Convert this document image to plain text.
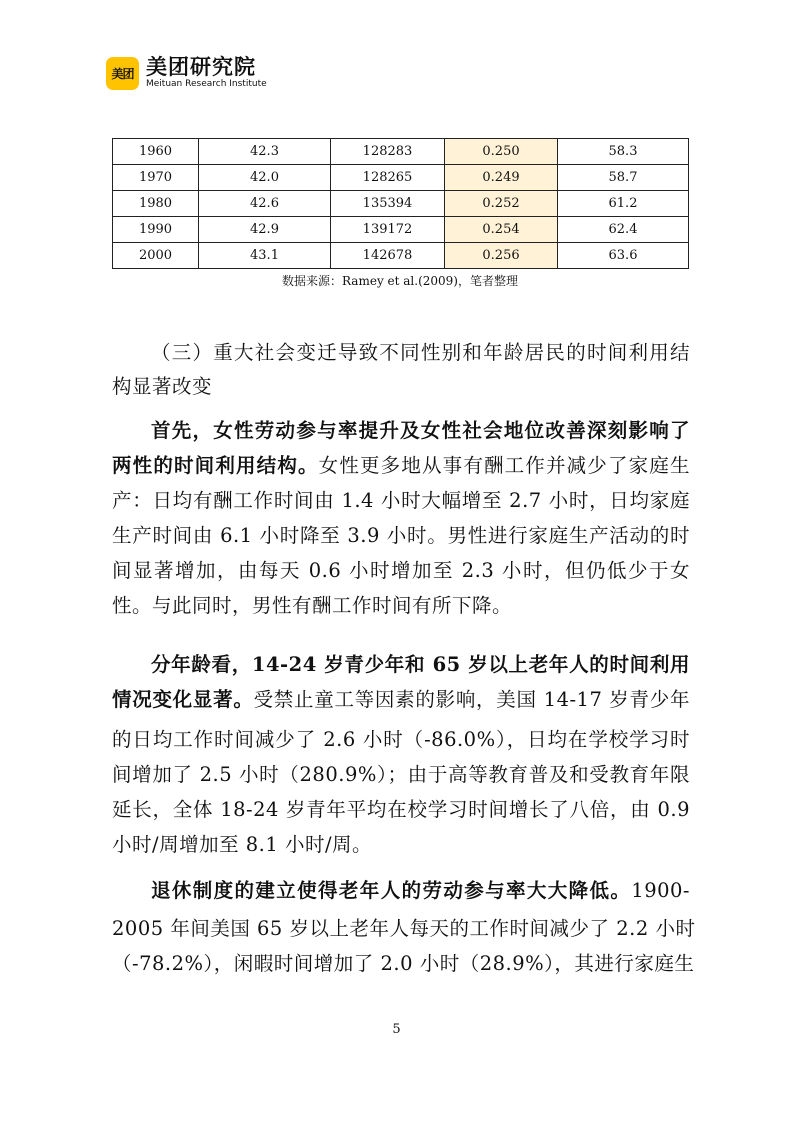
美团 美团研究院
Meituan Research Institute
1960	42.3	128283	0.250	58.3
1970	42.0	128265	0.249	58.7
1980	42.6	135394	0.252	61.2
1990	42.9	139172	0.254	62.4
2000	43.1	142678	0.256	63.6
数据来源：Ramey et al.(2009)，笔者整理
（三）重大社会变迁导致不同性别和年龄居民的时间利用结
构显著改变
首先，女性劳动参与率提升及女性社会地位改善深刻影响了
两性的时间利用结构。女性更多地从事有酬工作并减少了家庭生
产：日均有酬工作时间由 1.4 小时大幅增至 2.7 小时，日均家庭
生产时间由 6.1 小时降至 3.9 小时。男性进行家庭生产活动的时
间显著增加，由每天 0.6 小时增加至 2.3 小时，但仍低少于女
性。与此同时，男性有酬工作时间有所下降。
分年龄看，14-24 岁青少年和 65 岁以上老年人的时间利用
情况变化显著。受禁止童工等因素的影响，美国 14-17 岁青少年
的日均工作时间减少了 2.6 小时（-86.0%），日均在学校学习时
间增加了 2.5 小时（280.9%）；由于高等教育普及和受教育年限
延长，全体 18-24 岁青年平均在校学习时间增长了八倍，由 0.9
小时/周增加至 8.1 小时/周。
退休制度的建立使得老年人的劳动参与率大大降低。1900-
2005 年间美国 65 岁以上老年人每天的工作时间减少了 2.2 小时
（-78.2%），闲暇时间增加了 2.0 小时（28.9%），其进行家庭生
5
